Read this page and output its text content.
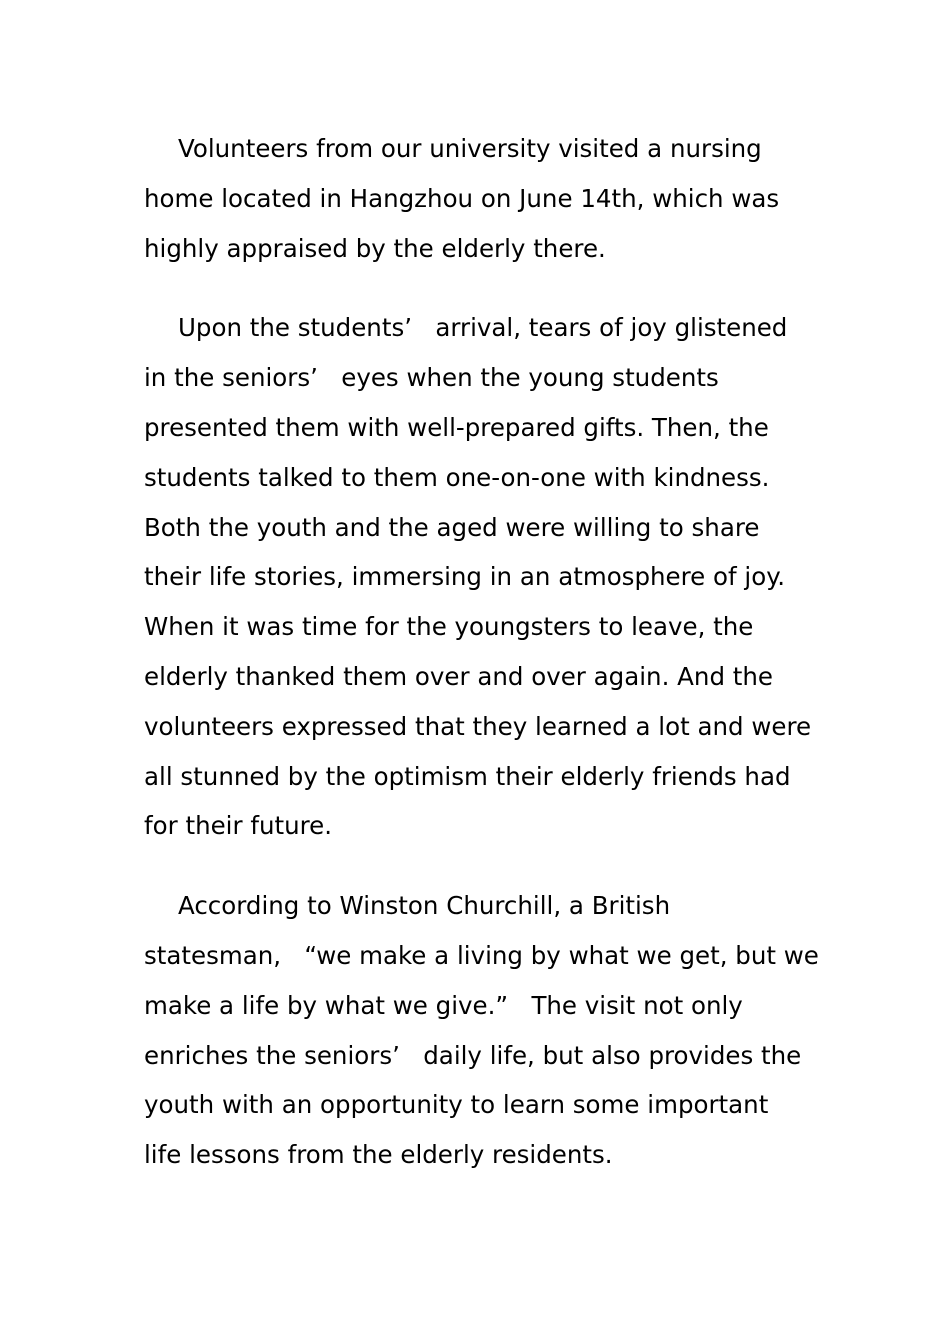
Volunteers from our university visited a nursing
home located in Hangzhou on June 14th, which was
highly appraised by the elderly there.

Upon the students’   arrival, tears of joy glistened
in the seniors’   eyes when the young students
presented them with well-prepared gifts. Then, the
students talked to them one-on-one with kindness.
Both the youth and the aged were willing to share
their life stories, immersing in an atmosphere of joy.
When it was time for the youngsters to leave, the
elderly thanked them over and over again. And the
volunteers expressed that they learned a lot and were
all stunned by the optimism their elderly friends had
for their future.

According to Winston Churchill, a British
statesman,   “we make a living by what we get, but we
make a life by what we give.”   The visit not only
enriches the seniors’   daily life, but also provides the
youth with an opportunity to learn some important
life lessons from the elderly residents.
